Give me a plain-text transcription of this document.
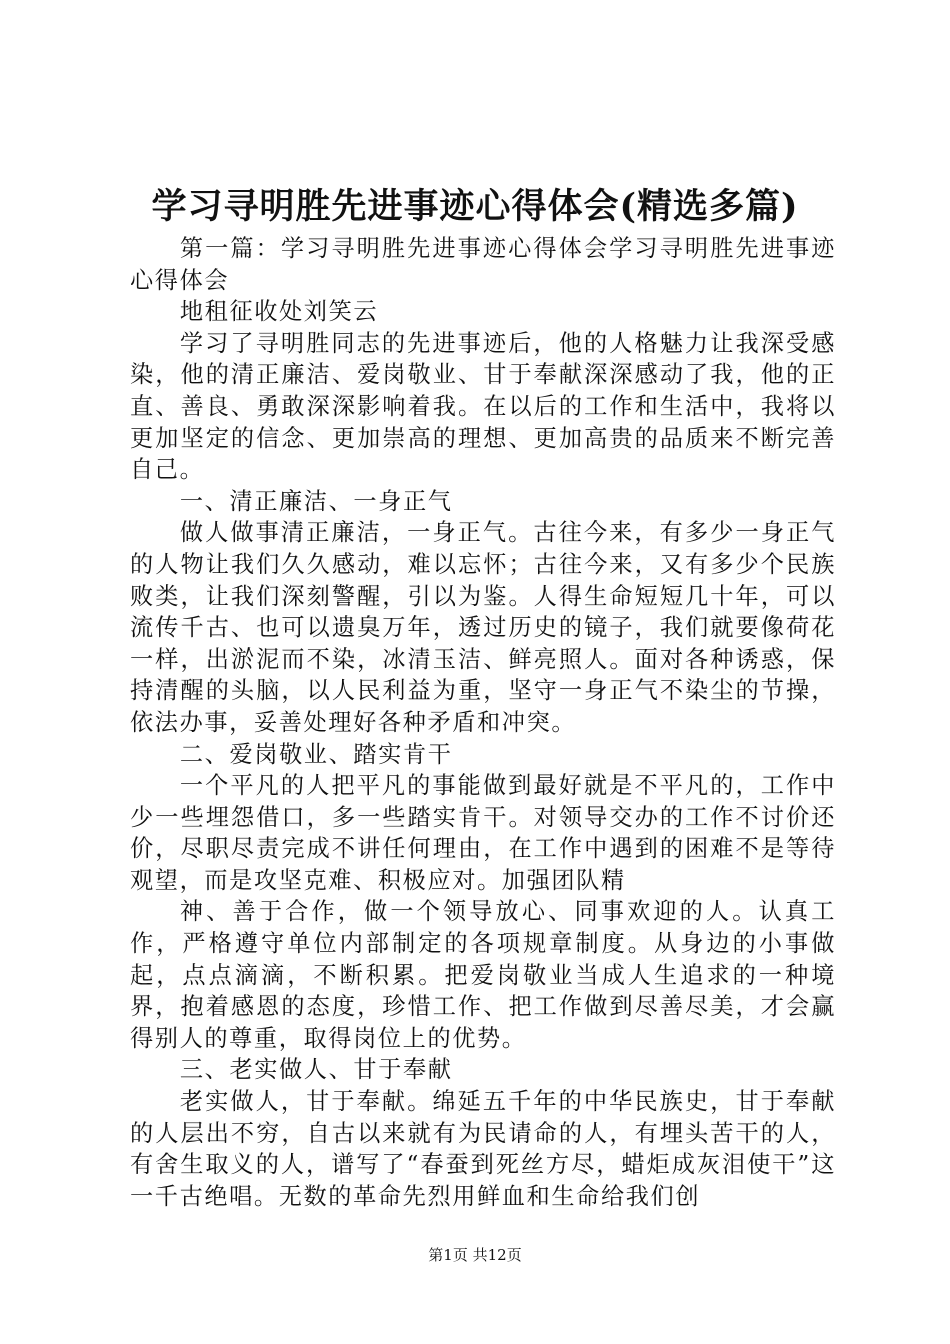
学习寻明胜先进事迹心得体会(精选多篇)

第一篇：学习寻明胜先进事迹心得体会学习寻明胜先进事迹心得体会

地租征收处刘笑云

学习了寻明胜同志的先进事迹后，他的人格魅力让我深受感染，他的清正廉洁、爱岗敬业、甘于奉献深深感动了我，他的正直、善良、勇敢深深影响着我。在以后的工作和生活中，我将以更加坚定的信念、更加崇高的理想、更加高贵的品质来不断完善自己。

一、清正廉洁、一身正气

做人做事清正廉洁，一身正气。古往今来，有多少一身正气的人物让我们久久感动，难以忘怀；古往今来，又有多少个民族败类，让我们深刻警醒，引以为鉴。人得生命短短几十年，可以流传千古、也可以遗臭万年，透过历史的镜子，我们就要像荷花一样，出淤泥而不染，冰清玉洁、鲜亮照人。面对各种诱惑，保持清醒的头脑，以人民利益为重，坚守一身正气不染尘的节操，依法办事，妥善处理好各种矛盾和冲突。

二、爱岗敬业、踏实肯干

一个平凡的人把平凡的事能做到最好就是不平凡的，工作中少一些埋怨借口，多一些踏实肯干。对领导交办的工作不讨价还价，尽职尽责完成不讲任何理由，在工作中遇到的困难不是等待观望，而是攻坚克难、积极应对。加强团队精

神、善于合作，做一个领导放心、同事欢迎的人。认真工作，严格遵守单位内部制定的各项规章制度。从身边的小事做起，点点滴滴，不断积累。把爱岗敬业当成人生追求的一种境界，抱着感恩的态度，珍惜工作、把工作做到尽善尽美，才会赢得别人的尊重，取得岗位上的优势。

三、老实做人、甘于奉献

老实做人，甘于奉献。绵延五千年的中华民族史，甘于奉献的人层出不穷，自古以来就有为民请命的人，有埋头苦干的人，有舍生取义的人，谱写了“春蚕到死丝方尽，蜡炬成灰泪使干”这一千古绝唱。无数的革命先烈用鲜血和生命给我们创

第1页 共12页
